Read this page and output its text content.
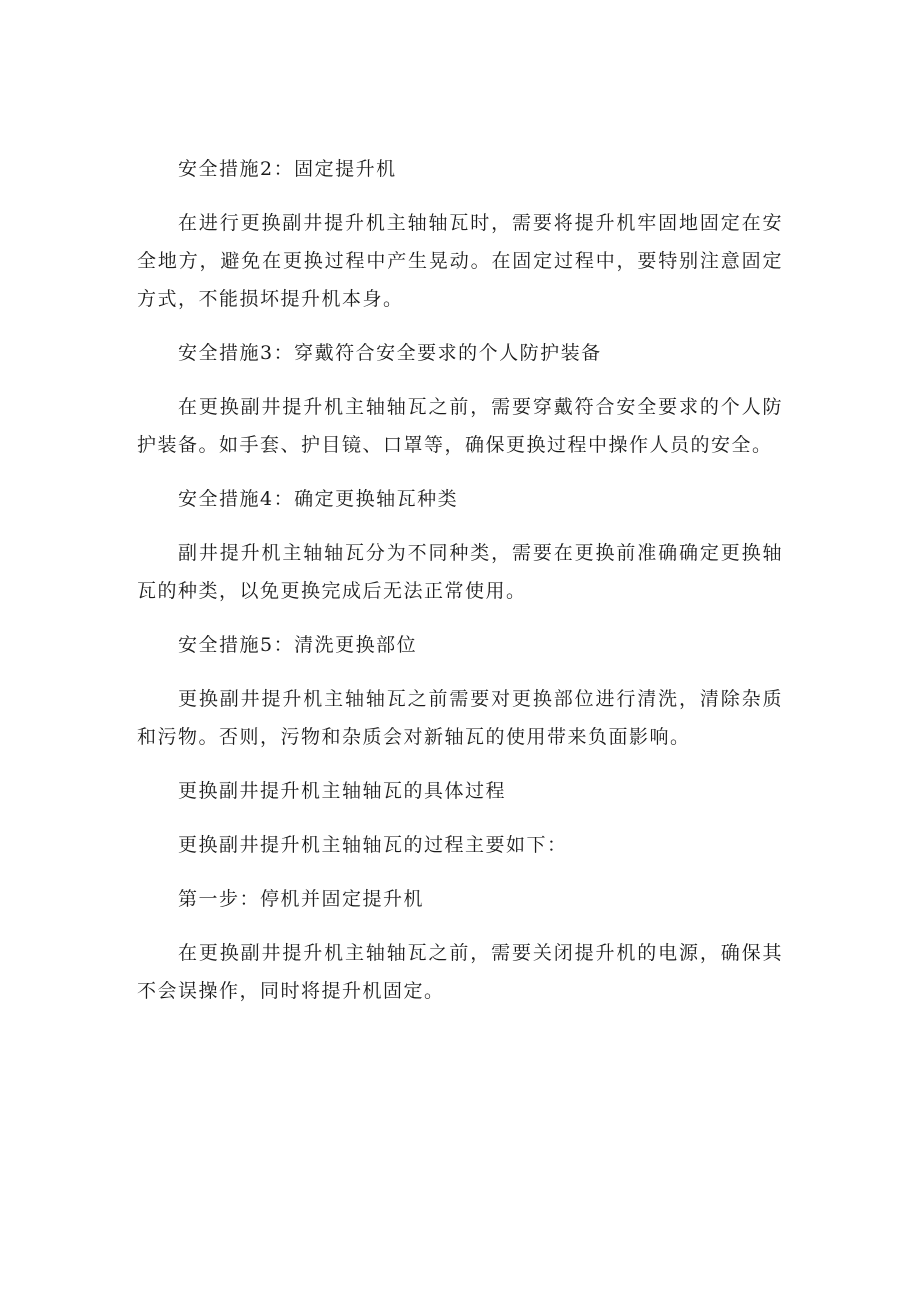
安全措施2：固定提升机

在进行更换副井提升机主轴轴瓦时，需要将提升机牢固地固定在安全地方，避免在更换过程中产生晃动。在固定过程中，要特别注意固定方式，不能损坏提升机本身。

安全措施3：穿戴符合安全要求的个人防护装备

在更换副井提升机主轴轴瓦之前，需要穿戴符合安全要求的个人防护装备。如手套、护目镜、口罩等，确保更换过程中操作人员的安全。

安全措施4：确定更换轴瓦种类

副井提升机主轴轴瓦分为不同种类，需要在更换前准确确定更换轴瓦的种类，以免更换完成后无法正常使用。

安全措施5：清洗更换部位

更换副井提升机主轴轴瓦之前需要对更换部位进行清洗，清除杂质和污物。否则，污物和杂质会对新轴瓦的使用带来负面影响。

更换副井提升机主轴轴瓦的具体过程

更换副井提升机主轴轴瓦的过程主要如下：

第一步：停机并固定提升机

在更换副井提升机主轴轴瓦之前，需要关闭提升机的电源，确保其不会误操作，同时将提升机固定。
